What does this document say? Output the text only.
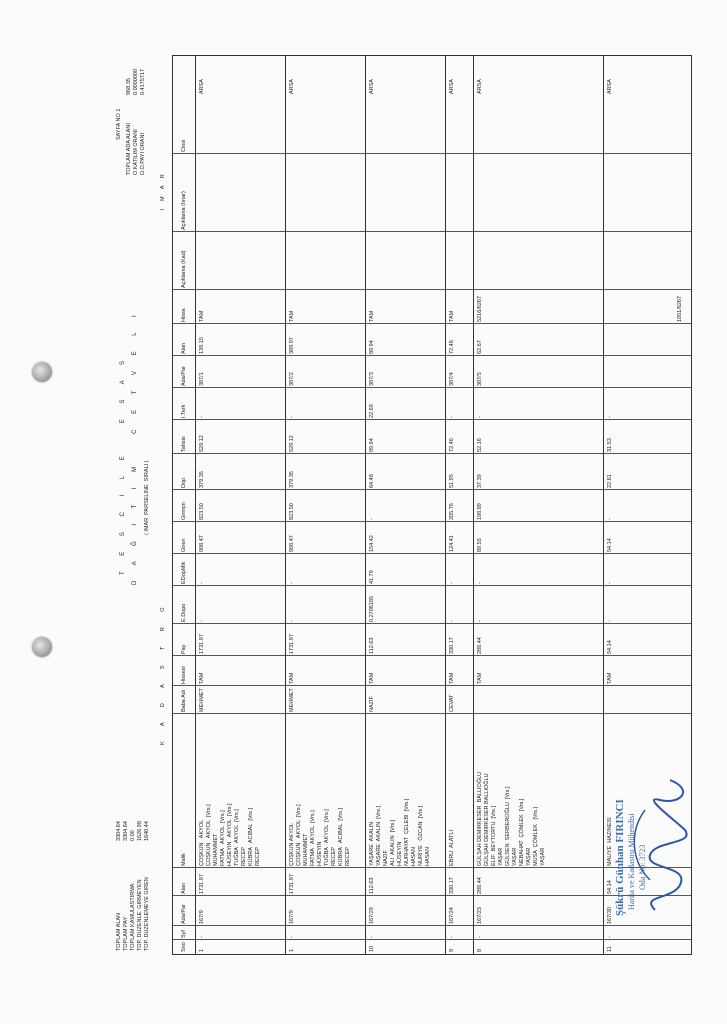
TOPLAM ALAN
3304.64
TOPLAM PAY
3304.64
TOPLAM KAMULASTIRMA
0.00
TOP. DUZENLE. GIRMEYEN
1626.98
TOP. DUZENLEMEYE GIREN
1640.44
T E S C I L E   E S A S D A Ğ I T I M   C E T V E L I ( IMAR  PARSELINE  SIRALI )
SAYFA NO 1 TOPLAM ADA ALANI
968.35
O.KATILIM ORANI
0.0000000
D.O.PAYI ORANI
0.4175717
K A D A S T R O
I M A R
Sno
Syf
Ada/Par
Alan
Malik
Baba Adı
Hissesi
Pay
E.Dopo
EDopMik
Giren
Girmyn
Dop
Tahsis
I.Terk
Ada/Par
Alan
Hisse
Açıklama (Kad)
Açıklama (Imar)
Cinsi
1
-
167/9
1731.97
ÇOŞKUN   AKYOL ÇOŞKUN   AKYOL  [Vrs.] MUHAMMET FATMA   AKYOL  [Vrs.] HÜSEYIN   AKYOL  [Vrs.] TUĞBA   AKYOL  [Vrs.] RECEP KÜBRA   ACIBAL  [Vrs.] RECEP
MEHMET
TAM
1731.97
-
-
908.47
823.50
379.35
529.12
-
387/1
139.15
TAM
ARSA
1
-
167/9
1731.97
ÇOŞKUN AKYOL ÇOŞKUN   AKYOL  [Vrs.] MUHAMMET FATMA   AKYOL  [Vrs.] HÜSEYIN TUĞBA   AKYOL  [Vrs.] RECEP KÜBRA   ACIBAL  [Vrs.] RECEP
MEHMET
TAM
1731.97
-
-
908.47
823.50
379.35
529.12
-
387/2
389.97
TAM
ARSA
10
-
167/29
112.63
YAŞARE  AKALIN YAŞARE  AKALIN  [Vrs.] NAZIF ALI  AKALIN  [Vrs.] HÜSEYIN NURHAYAT  ÇELEBI  [Vrs.] HASAN NURIYE   ÖZCAN  [Vrs.] HASAN
NAZIF
TAM
112.63
0.2706185
41.79
154.42
-
64.48
89.94
22.69
387/3
89.94
TAM
ARSA
9
-
167/24
330.17
EBRU  ALATLI
CEVAT
TAM
330.17
-
-
124.41
205.76
51.95
72.46
-
387/4
72.46
TAM
ARSA
8
-
167/23
288.44
GÜLŞAH DEMIRKESER  BALLIOĞLU GÜLŞAH DEMIRKESER BALLIOĞLU ELIF  BEYTORTU  [Vrs.] YAŞAR GÜLSEN  SERBEROĞLU  [Vrs.] YAŞAR NEBAHAT  ÇÖMLEK  [Vrs.] YAŞAR MUSA  ÇÖMLEK   [Vrs.] YAŞAR
TAM
288.44
-
-
89.55
198.89
37.39
52.16
-
387/5
62.67
5216/6267
ARSA
11
-
167/30
54.14
MALIYE  HAZINESI
TAM
54.14
-
-
54.14
-
22.61
31.53
-
1051/6267
ARSA
Şükrü Günhan FIRINCI Harita ve Kadastro Mühendisi Oda No: 3723
